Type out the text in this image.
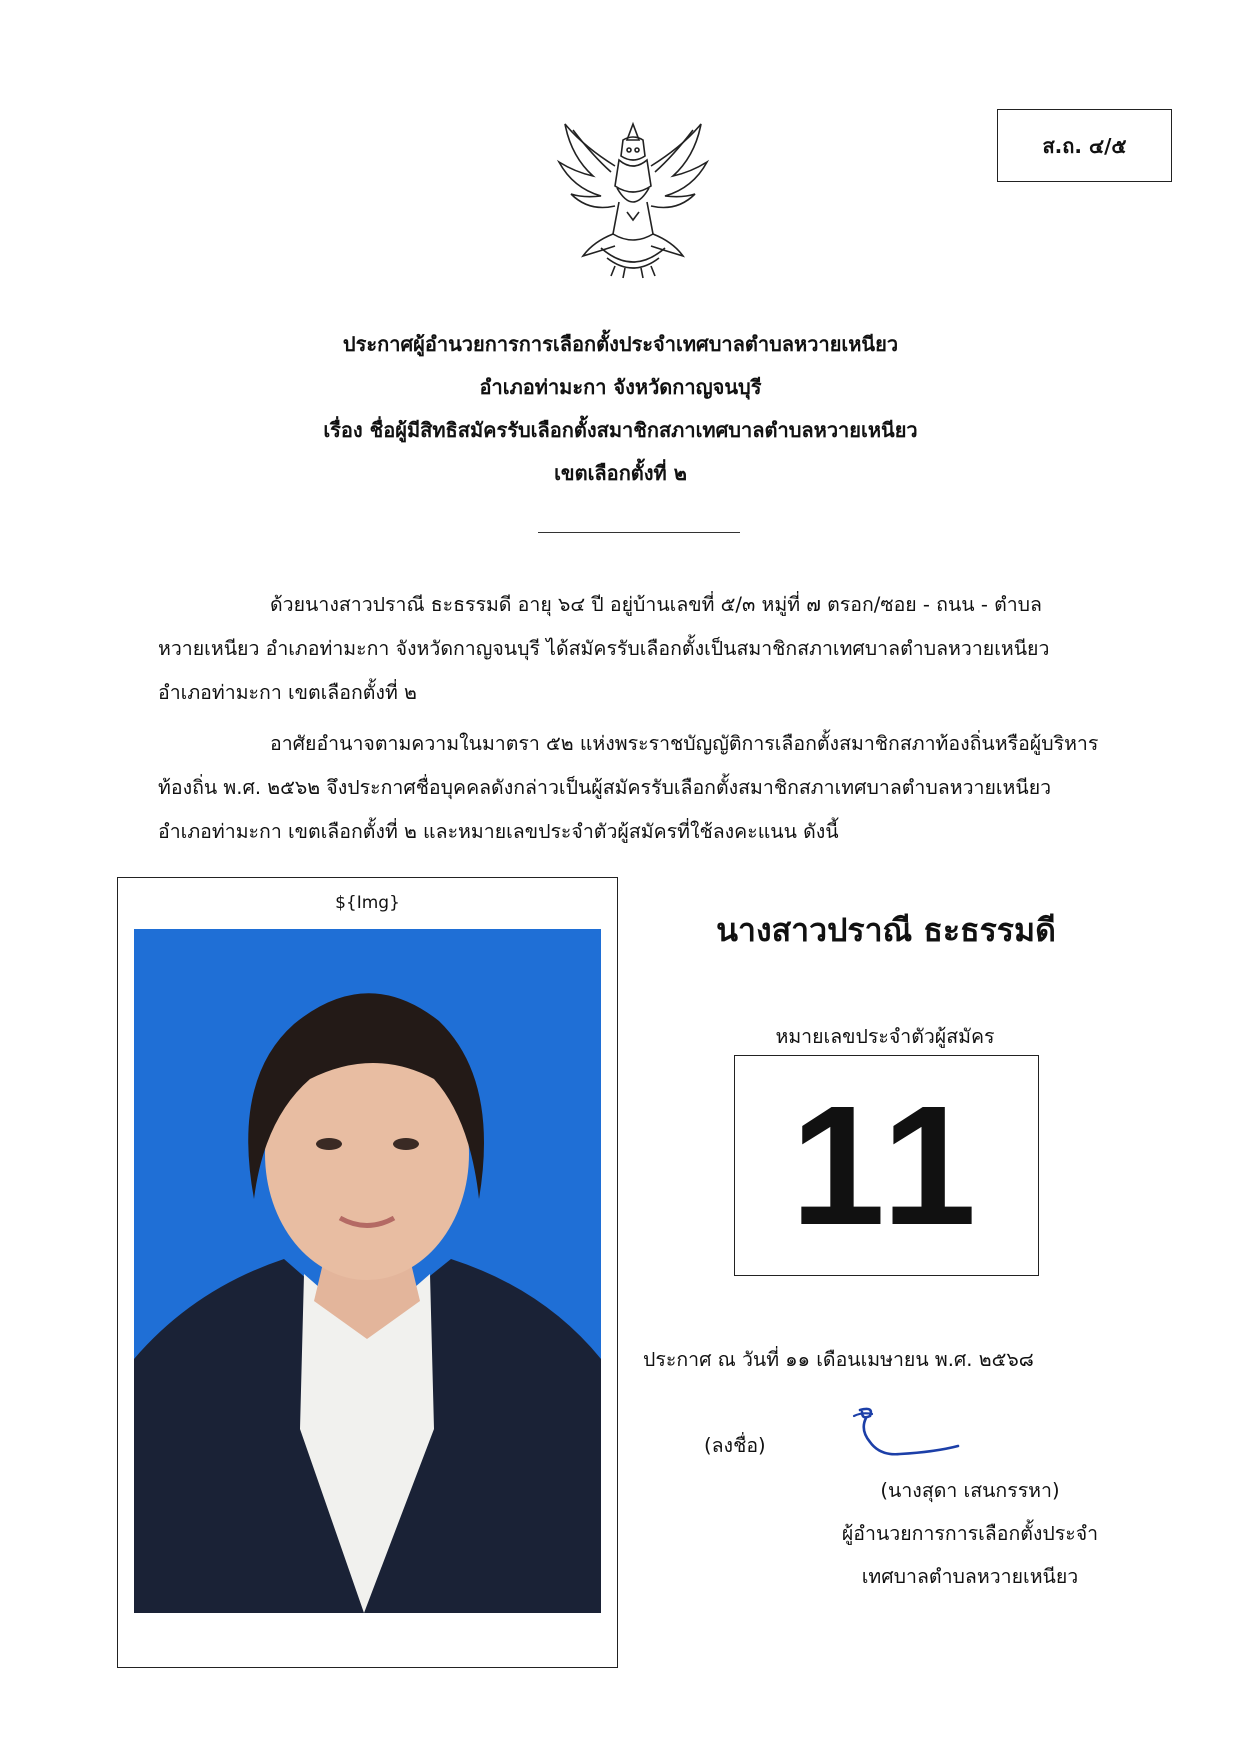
ส.ถ. ๔/๕
ประกาศผู้อำนวยการการเลือกตั้งประจำเทศบาลตำบลหวายเหนียว
อำเภอท่ามะกา จังหวัดกาญจนบุรี
เรื่อง ชื่อผู้มีสิทธิสมัครรับเลือกตั้งสมาชิกสภาเทศบาลตำบลหวายเหนียว
เขตเลือกตั้งที่ ๒
ด้วยนางสาวปราณี ธะธรรมดี อายุ ๖๔ ปี อยู่บ้านเลขที่ ๕/๓ หมู่ที่ ๗ ตรอก/ซอย - ถนน - ตำบล
หวายเหนียว อำเภอท่ามะกา จังหวัดกาญจนบุรี ได้สมัครรับเลือกตั้งเป็นสมาชิกสภาเทศบาลตำบลหวายเหนียว
อำเภอท่ามะกา เขตเลือกตั้งที่ ๒
อาศัยอำนาจตามความในมาตรา ๕๒ แห่งพระราชบัญญัติการเลือกตั้งสมาชิกสภาท้องถิ่นหรือผู้บริหาร
ท้องถิ่น พ.ศ. ๒๕๖๒ จึงประกาศชื่อบุคคลดังกล่าวเป็นผู้สมัครรับเลือกตั้งสมาชิกสภาเทศบาลตำบลหวายเหนียว
อำเภอท่ามะกา เขตเลือกตั้งที่ ๒ และหมายเลขประจำตัวผู้สมัครที่ใช้ลงคะแนน ดังนี้
${Img}
นางสาวปราณี ธะธรรมดี
หมายเลขประจำตัวผู้สมัคร
11
ประกาศ ณ วันที่ ๑๑ เดือนเมษายน พ.ศ. ๒๕๖๘
(ลงชื่อ)
(นางสุดา เสนกรรหา)
ผู้อำนวยการการเลือกตั้งประจำ
เทศบาลตำบลหวายเหนียว
